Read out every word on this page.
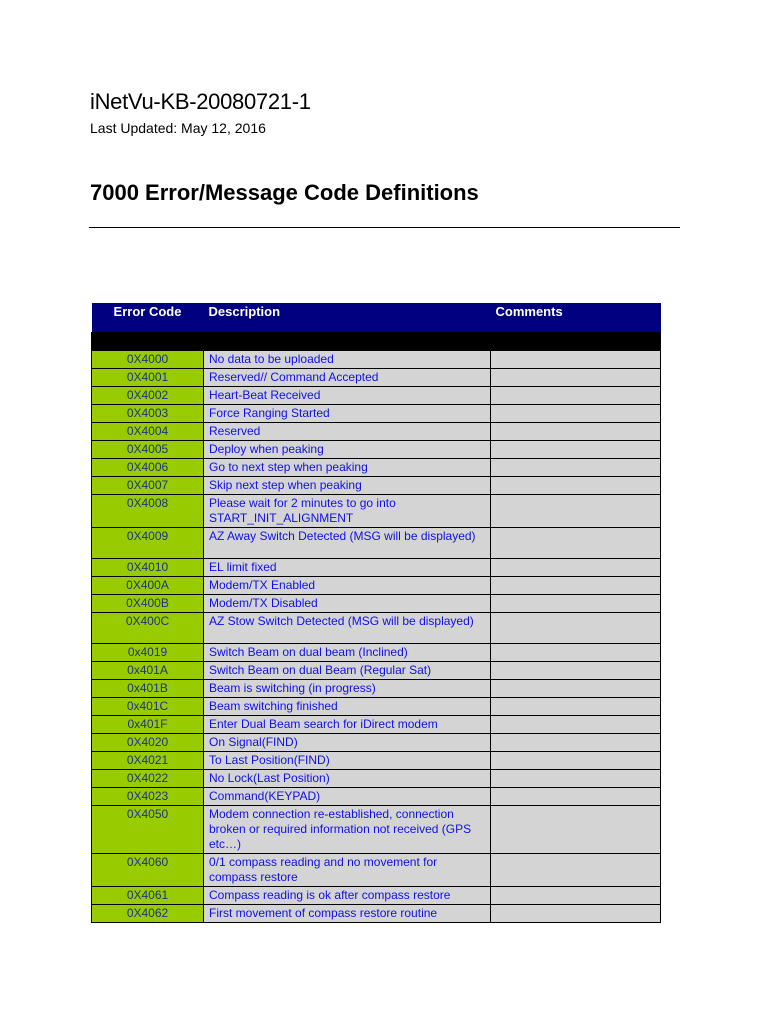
iNetVu-KB-20080721-1
Last Updated: May 12, 2016
7000 Error/Message Code Definitions
Error Code	Description	Comments

0X4000	No data to be uploaded	
0X4001	Reserved// Command Accepted	
0X4002	Heart-Beat Received	
0X4003	Force Ranging Started	
0X4004	Reserved	
0X4005	Deploy when peaking	
0X4006	Go to next step when peaking	
0X4007	Skip next step when peaking	
0X4008	Please wait for 2 minutes to go into START_INIT_ALIGNMENT	
0X4009	AZ Away Switch Detected (MSG will be displayed)	
0X4010	EL limit fixed	
0X400A	Modem/TX Enabled	
0X400B	Modem/TX Disabled	
0X400C	AZ Stow Switch Detected (MSG will be displayed)	
0x4019	Switch Beam on dual beam (Inclined)	
0x401A	Switch Beam on dual Beam (Regular Sat)	
0x401B	Beam is switching (in progress)	
0x401C	Beam switching finished	
0x401F	Enter Dual Beam search for iDirect modem	
0X4020	On Signal(FIND)	
0X4021	To Last Position(FIND)	
0X4022	No Lock(Last Position)	
0X4023	Command(KEYPAD)	
0X4050	Modem connection re-established, connection broken or required information not received (GPS etc…)	
0X4060	0/1 compass reading and no movement for compass restore	
0X4061	Compass reading is ok after compass restore	
0X4062	First movement of compass restore routine	
